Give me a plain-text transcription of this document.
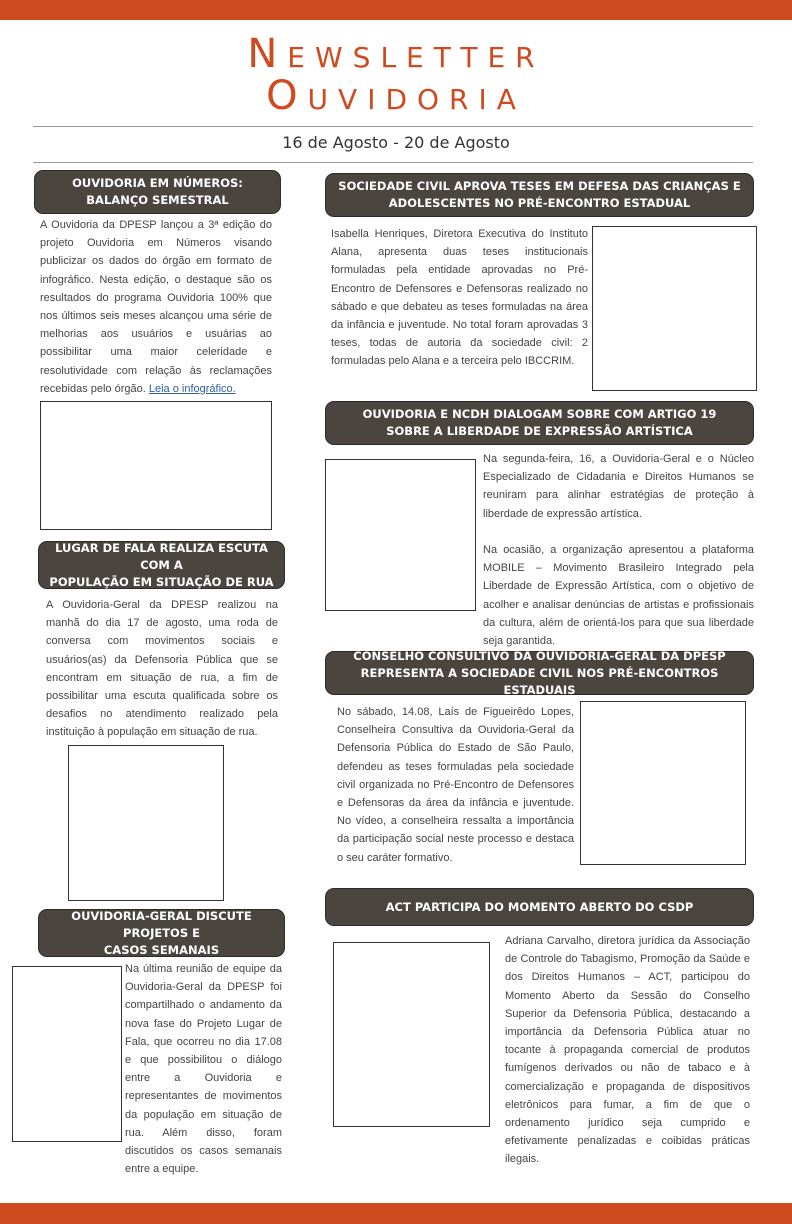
Newsletter
Ouvidoria
16 de Agosto - 20 de Agosto
OUVIDORIA EM NÚMEROS:
BALANÇO SEMESTRAL
A Ouvidoria da DPESP lançou a 3ª edição do projeto Ouvidoria em Números visando publicizar os dados do órgão em formato de infográfico. Nesta edição, o destaque são os resultados do programa Ouvidoria 100% que nos últimos seis meses alcançou uma série de melhorias aos usuários e usuárias ao possibilitar uma maior celeridade e resolutividade com relação às reclamações recebidas pelo órgão. Leia o infográfico.
LUGAR DE FALA REALIZA ESCUTA COM A
POPULAÇÃO EM SITUAÇÃO DE RUA

A Ouvidoria-Geral da DPESP realizou na manhã do dia 17 de agosto, uma roda de conversa com movimentos sociais e usuários(as) da Defensoria Pública que se encontram em situação de rua, a fim de possibilitar uma escuta qualificada sobre os desafios no atendimento realizado pela instituição à população em situação de rua.

OUVIDORIA-GERAL DISCUTE PROJETOS E
CASOS SEMANAIS

Na última reunião de equipe da Ouvidoria-Geral da DPESP foi compartilhado o andamento da nova fase do Projeto Lugar de Fala, que ocorreu no dia 17.08 e que possibilitou o diálogo entre a Ouvidoria e representantes de movimentos da população em situação de rua. Além disso, foram discutidos os casos semanais entre a equipe.

SOCIEDADE CIVIL APROVA TESES EM DEFESA DAS CRIANÇAS E
ADOLESCENTES NO PRÉ-ENCONTRO ESTADUAL

Isabella Henriques, Diretora Executiva do Instituto Alana, apresenta duas teses institucionais formuladas pela entidade aprovadas no Pré-Encontro de Defensores e Defensoras realizado no sábado e que debateu as teses formuladas na área da infância e juventude. No total foram aprovadas 3 teses, todas de autoria da sociedade civil: 2 formuladas pelo Alana e a terceira pelo IBCCRIM.

OUVIDORIA E NCDH DIALOGAM SOBRE COM ARTIGO 19
SOBRE A LIBERDADE DE EXPRESSÃO ARTÍSTICA

Na segunda-feira, 16, a Ouvidoria-Geral e o Núcleo Especializado de Cidadania e Direitos Humanos se reuniram para alinhar estratégias de proteção à liberdade de expressão artística.

Na ocasião, a organização apresentou a plataforma MOBILE – Movimento Brasileiro Integrado pela Liberdade de Expressão Artística, com o objetivo de acolher e analisar denúncias de artistas e profissionais da cultura, além de orientá-los para que sua liberdade seja garantida.

CONSELHO CONSULTIVO DA OUVIDORIA-GERAL DA DPESP
REPRESENTA A SOCIEDADE CIVIL NOS PRÉ-ENCONTROS ESTADUAIS

No sábado, 14.08, Laís de Figueirêdo Lopes, Conselheira Consultiva da Ouvidoria-Geral da Defensoria Pública do Estado de São Paulo, defendeu as teses formuladas pela sociedade civil organizada no Pré-Encontro de Defensores e Defensoras da área da infância e juventude. No vídeo, a conselheira ressalta a importância da participação social neste processo e destaca o seu caráter formativo.

ACT PARTICIPA DO MOMENTO ABERTO DO CSDP

Adriana Carvalho, diretora jurídica da Associação de Controle do Tabagismo, Promoção da Saúde e dos Direitos Humanos – ACT, participou do Momento Aberto da Sessão do Conselho Superior da Defensoria Pública, destacando a importância da Defensoria Pública atuar no tocante à propaganda comercial de produtos fumígenos derivados ou não de tabaco e à comercialização e propaganda de dispositivos eletrônicos para fumar, a fim de que o ordenamento jurídico seja cumprido e efetivamente penalizadas e coibidas práticas ilegais.
